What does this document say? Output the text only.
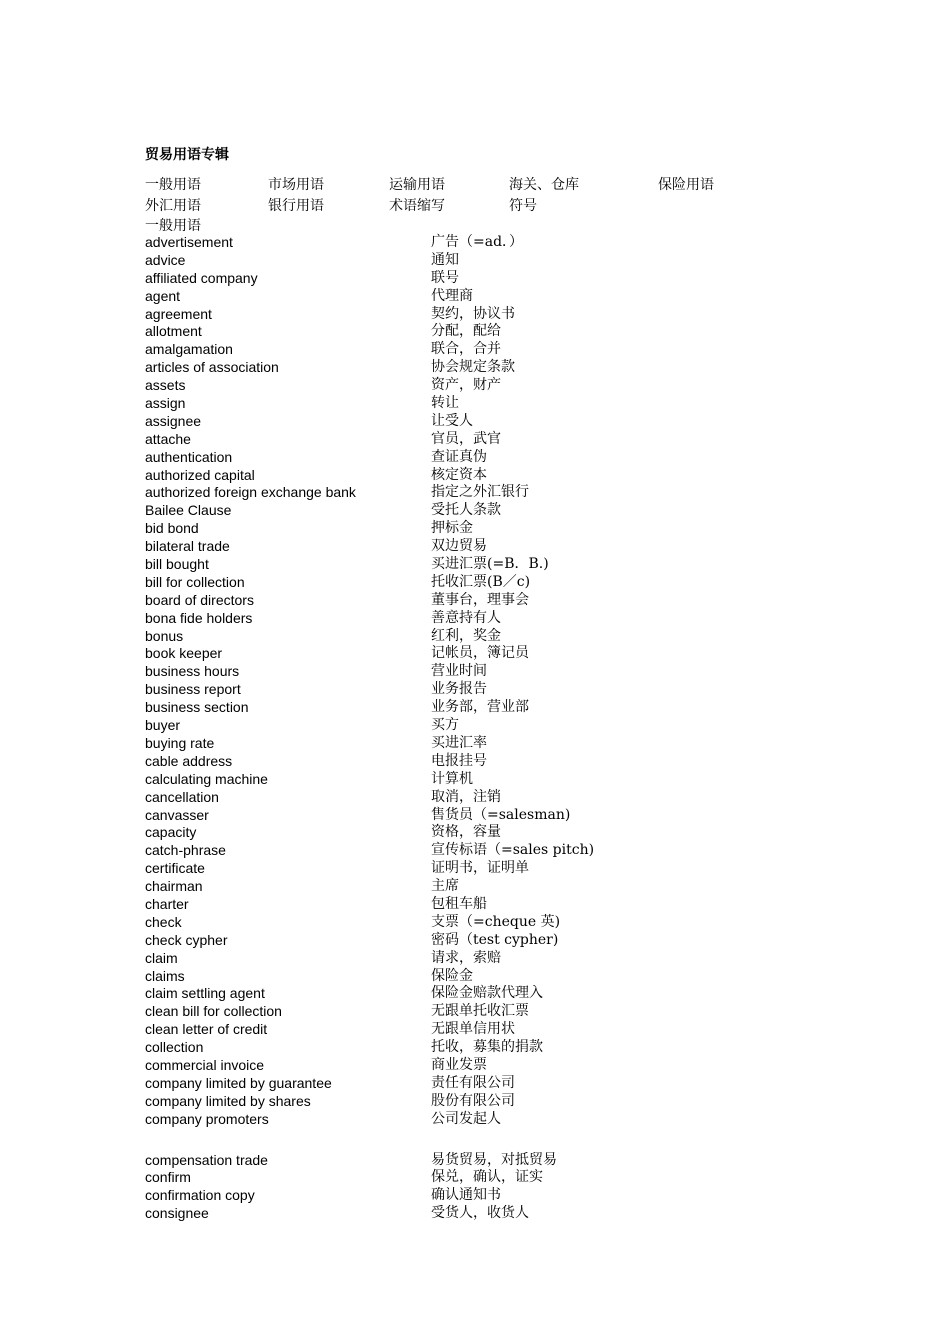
贸易用语专辑
一般用语	市场用语	运输用语	海关、仓库	保险用语
外汇用语	银行用语	术语缩写	符号
一般用语
advertisement	广告（=ad．）
advice	通知
affiliated company	联号
agent	代理商
agreement	契约，协议书
allotment	分配，配给
amalgamation	联合，合并
articles of association	协会规定条款
assets	资产，财产
assign	转让
assignee	让受人
attache	官员，武官
authentication	查证真伪
authorized capital	核定资本
authorized foreign exchange bank	指定之外汇银行
Bailee Clause	受托人条款
bid bond	押标金
bilateral trade	双边贸易
bill bought	买进汇票(=B．B.)
bill for collection	托收汇票(B／c)
board of directors	董事台，理事会
bona fide holders	善意持有人
bonus	红利，奖金
book keeper	记帐员，簿记员
business hours	营业时间
business report	业务报告
business section	业务部，营业部
buyer	买方
buying rate	买进汇率
cable address	电报挂号
calculating machine	计算机
cancellation	取消，注销
canvasser	售货员（=salesman)
capacity	资格，容量
catch-phrase	宣传标语（=sales pitch)
certificate	证明书，证明单
chairman	主席
charter	包租车船
check	支票（=cheque 英)
check cypher	密码（test cypher)
claim	请求，索赔
claims	保险金
claim settling agent	保险金赔款代理入
clean bill for collection	无跟单托收汇票
clean letter of credit	无跟单信用状
collection	托收，募集的捐款
commercial invoice	商业发票
company limited by guarantee	责任有限公司
company limited by shares	股份有限公司
company promoters	公司发起人
compensation trade	易货贸易，对抵贸易
confirm	保兑，确认，证实
confirmation copy	确认通知书
consignee	受货人，收货人
